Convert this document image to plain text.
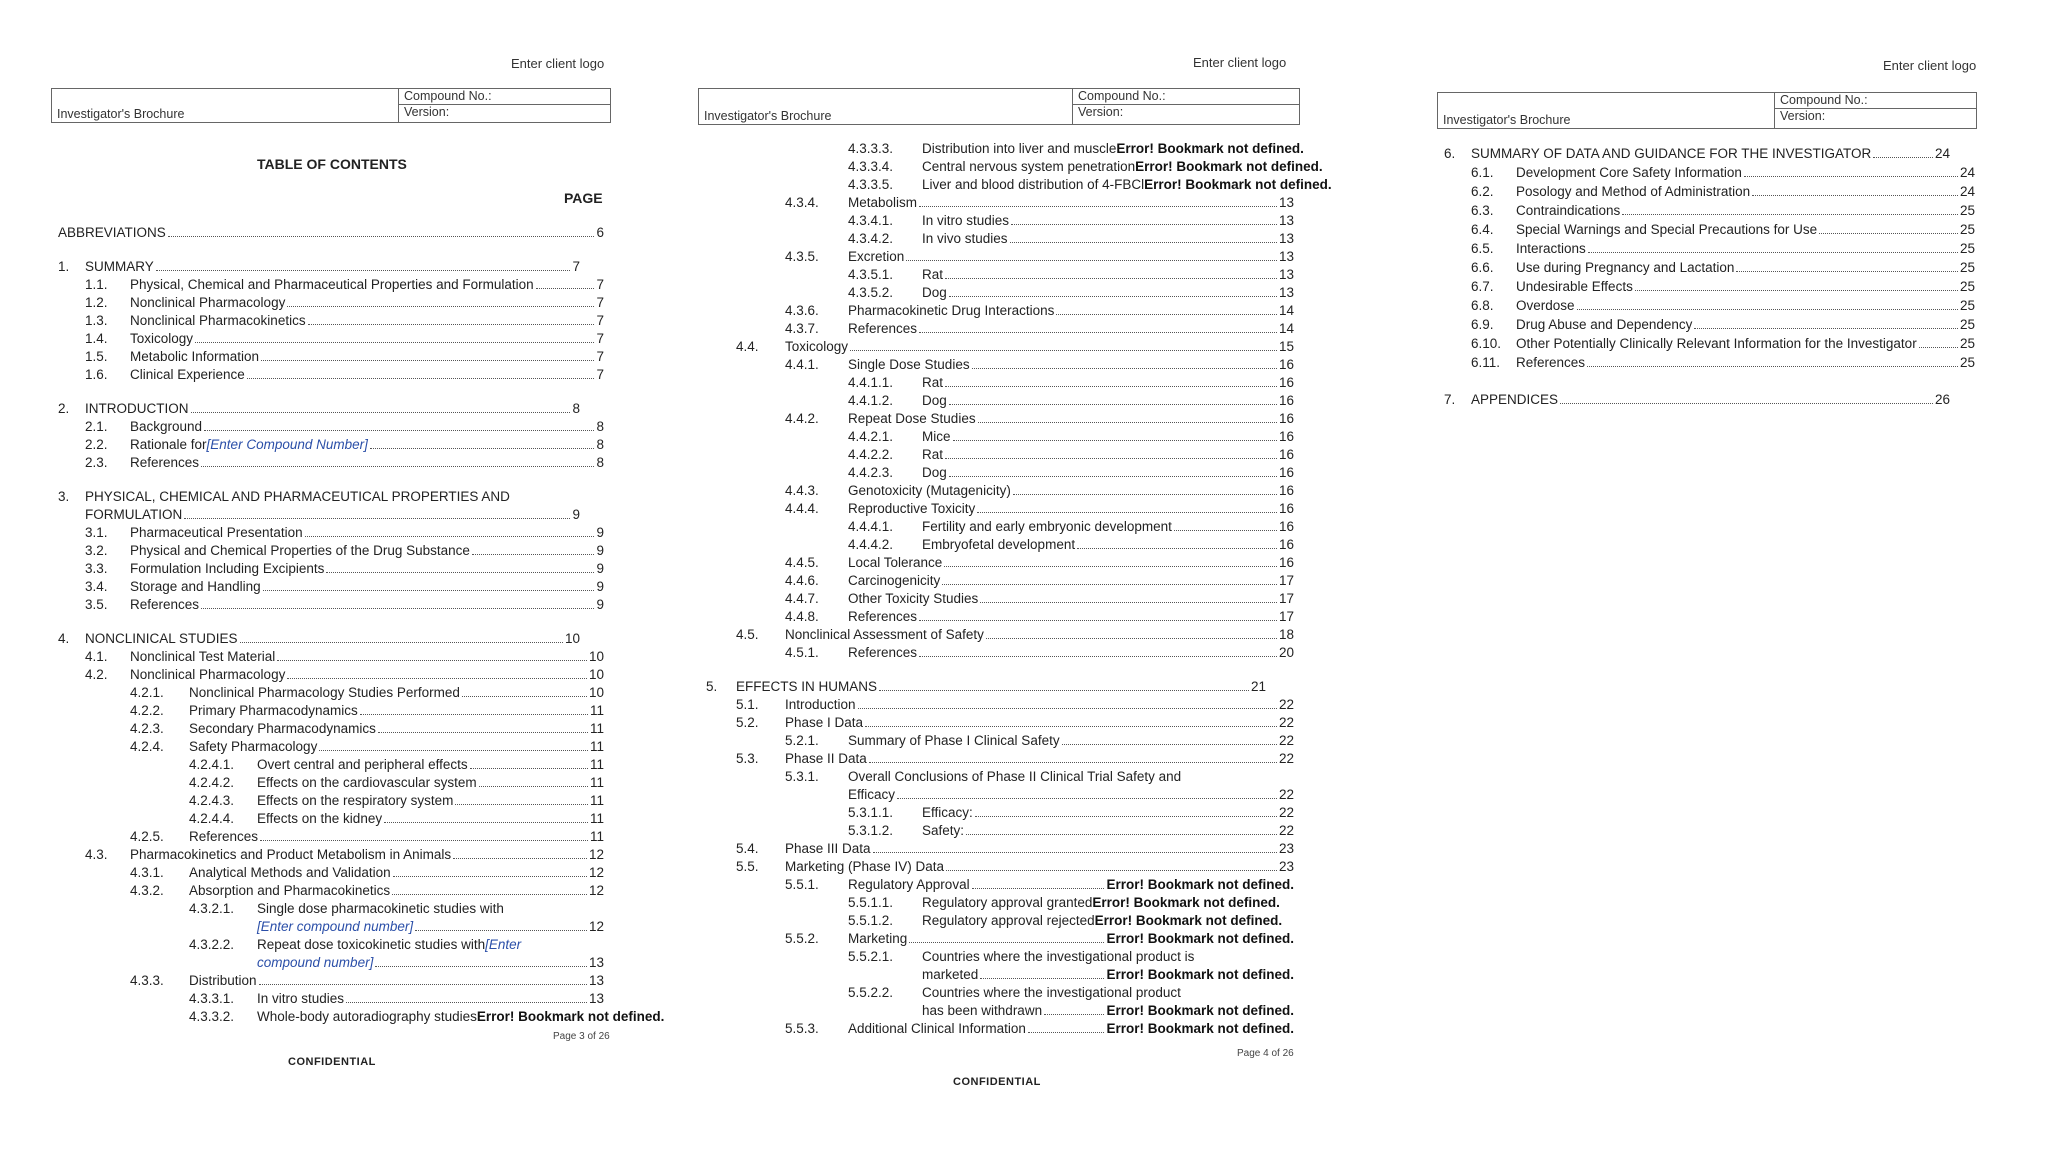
Enter client logo
Investigator's Brochure
Compound No.:
Version:
TABLE OF CONTENTS
PAGE
ABBREVIATIONS	6
1. SUMMARY	7
1.1. Physical, Chemical and Pharmaceutical Properties and Formulation	7
1.2. Nonclinical Pharmacology	7
1.3. Nonclinical Pharmacokinetics	7
1.4. Toxicology	7
1.5. Metabolic Information	7
1.6. Clinical Experience	7
2. INTRODUCTION	8
2.1. Background	8
2.2. Rationale for [Enter Compound Number]	8
2.3. References	8
3. PHYSICAL, CHEMICAL AND PHARMACEUTICAL PROPERTIES AND
FORMULATION	9
3.1. Pharmaceutical Presentation	9
3.2. Physical and Chemical Properties of the Drug Substance	9
3.3. Formulation Including Excipients	9
3.4. Storage and Handling	9
3.5. References	9
4. NONCLINICAL STUDIES	10
4.1. Nonclinical Test Material	10
4.2. Nonclinical Pharmacology	10
4.2.1. Nonclinical Pharmacology Studies Performed	10
4.2.2. Primary Pharmacodynamics	11
4.2.3. Secondary Pharmacodynamics	11
4.2.4. Safety Pharmacology	11
4.2.4.1. Overt central and peripheral effects	11
4.2.4.2. Effects on the cardiovascular system	11
4.2.4.3. Effects on the respiratory system	11
4.2.4.4. Effects on the kidney	11
4.2.5. References	11
4.3. Pharmacokinetics and Product Metabolism in Animals	12
4.3.1. Analytical Methods and Validation	12
4.3.2. Absorption and Pharmacokinetics	12
4.3.2.1. Single dose pharmacokinetic studies with
[Enter compound number]	12
4.3.2.2. Repeat dose toxicokinetic studies with [Enter
compound number]	13
4.3.3. Distribution	13
4.3.3.1. In vitro studies	13
4.3.3.2. Whole-body autoradiography studies Error! Bookmark not defined.
Page 3 of 26
CONFIDENTIAL
Enter client logo
Investigator's Brochure
Compound No.:
Version:
4.3.3.3. Distribution into liver and muscle Error! Bookmark not defined.
4.3.3.4. Central nervous system penetration Error! Bookmark not defined.
4.3.3.5. Liver and blood distribution of 4-FBCl Error! Bookmark not defined.
4.3.4. Metabolism	13
4.3.4.1. In vitro studies	13
4.3.4.2. In vivo studies	13
4.3.5. Excretion	13
4.3.5.1. Rat	13
4.3.5.2. Dog	13
4.3.6. Pharmacokinetic Drug Interactions	14
4.3.7. References	14
4.4. Toxicology	15
4.4.1. Single Dose Studies	16
4.4.1.1. Rat	16
4.4.1.2. Dog	16
4.4.2. Repeat Dose Studies	16
4.4.2.1. Mice	16
4.4.2.2. Rat	16
4.4.2.3. Dog	16
4.4.3. Genotoxicity (Mutagenicity)	16
4.4.4. Reproductive Toxicity	16
4.4.4.1. Fertility and early embryonic development	16
4.4.4.2. Embryofetal development	16
4.4.5. Local Tolerance	16
4.4.6. Carcinogenicity	17
4.4.7. Other Toxicity Studies	17
4.4.8. References	17
4.5. Nonclinical Assessment of Safety	18
4.5.1. References	20
5. EFFECTS IN HUMANS	21
5.1. Introduction	22
5.2. Phase I Data	22
5.2.1. Summary of Phase I Clinical Safety	22
5.3. Phase II Data	22
5.3.1. Overall Conclusions of Phase II Clinical Trial Safety and
Efficacy	22
5.3.1.1. Efficacy:	22
5.3.1.2. Safety:	22
5.4. Phase III Data	23
5.5. Marketing (Phase IV) Data	23
5.5.1. Regulatory Approval	Error! Bookmark not defined.
5.5.1.1. Regulatory approval granted Error! Bookmark not defined.
5.5.1.2. Regulatory approval rejected Error! Bookmark not defined.
5.5.2. Marketing	Error! Bookmark not defined.
5.5.2.1. Countries where the investigational product is
marketed	Error! Bookmark not defined.
5.5.2.2. Countries where the investigational product
has been withdrawn	Error! Bookmark not defined.
5.5.3. Additional Clinical Information	Error! Bookmark not defined.
Page 4 of 26
CONFIDENTIAL
Enter client logo
Investigator's Brochure
Compound No.:
Version:
6. SUMMARY OF DATA AND GUIDANCE FOR THE INVESTIGATOR	24
6.1. Development Core Safety Information	24
6.2. Posology and Method of Administration	24
6.3. Contraindications	25
6.4. Special Warnings and Special Precautions for Use	25
6.5. Interactions	25
6.6. Use during Pregnancy and Lactation	25
6.7. Undesirable Effects	25
6.8. Overdose	25
6.9. Drug Abuse and Dependency	25
6.10. Other Potentially Clinically Relevant Information for the Investigator	25
6.11. References	25
7. APPENDICES	26
